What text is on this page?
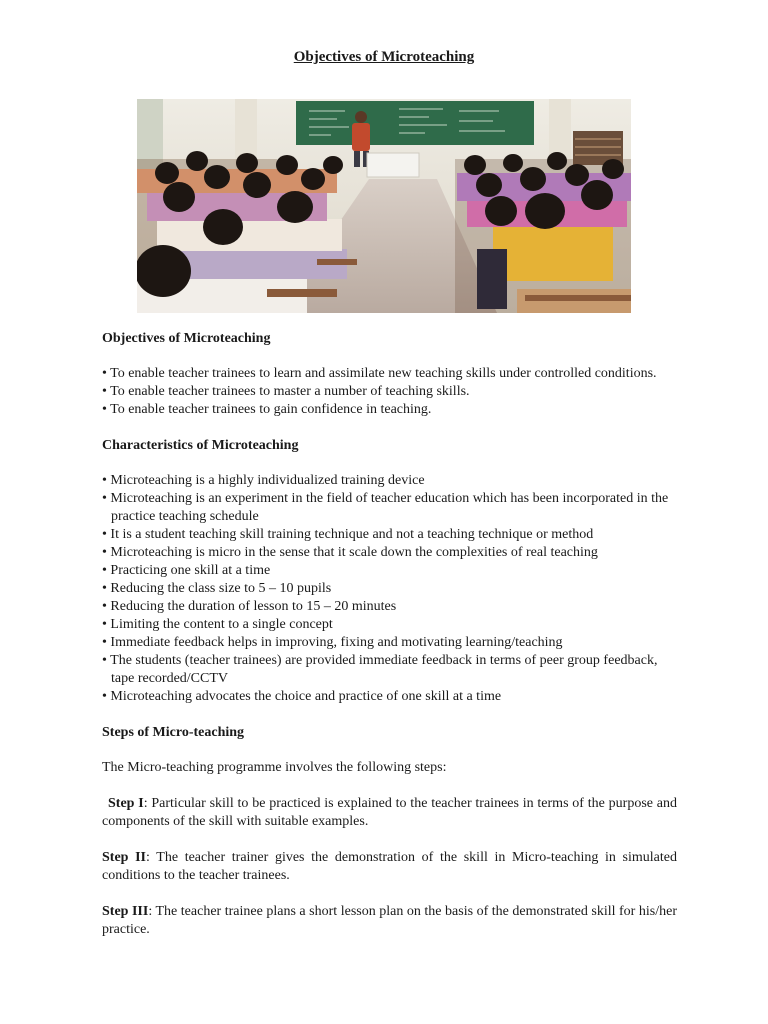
Objectives of Microteaching
Objectives of Microteaching
• To enable teacher trainees to learn and assimilate new teaching skills under controlled conditions.
• To enable teacher trainees to master a number of teaching skills.
• To enable teacher trainees to gain confidence in teaching.
Characteristics of Microteaching
• Microteaching is a highly individualized training device
• Microteaching is an experiment in the field of teacher education which has been incorporated in the practice teaching schedule
• It is a student teaching skill training technique and not a teaching technique or method
• Microteaching is micro in the sense that it scale down the complexities of real teaching
• Practicing one skill at a time
• Reducing the class size to 5 – 10 pupils
• Reducing the duration of lesson to 15 – 20 minutes
• Limiting the content to a single concept
• Immediate feedback helps in improving, fixing and motivating learning/teaching
• The students (teacher trainees) are provided immediate feedback in terms of peer group feedback, tape recorded/CCTV
• Microteaching advocates the choice and practice of one skill at a time
Steps of Micro-teaching

The Micro-teaching programme involves the following steps:

Step I: Particular skill to be practiced is explained to the teacher trainees in terms of the purpose and components of the skill with suitable examples.

Step II: The teacher trainer gives the demonstration of the skill in Micro-teaching in simulated conditions to the teacher trainees.

Step III: The teacher trainee plans a short lesson plan on the basis of the demonstrated skill for his/her practice.
